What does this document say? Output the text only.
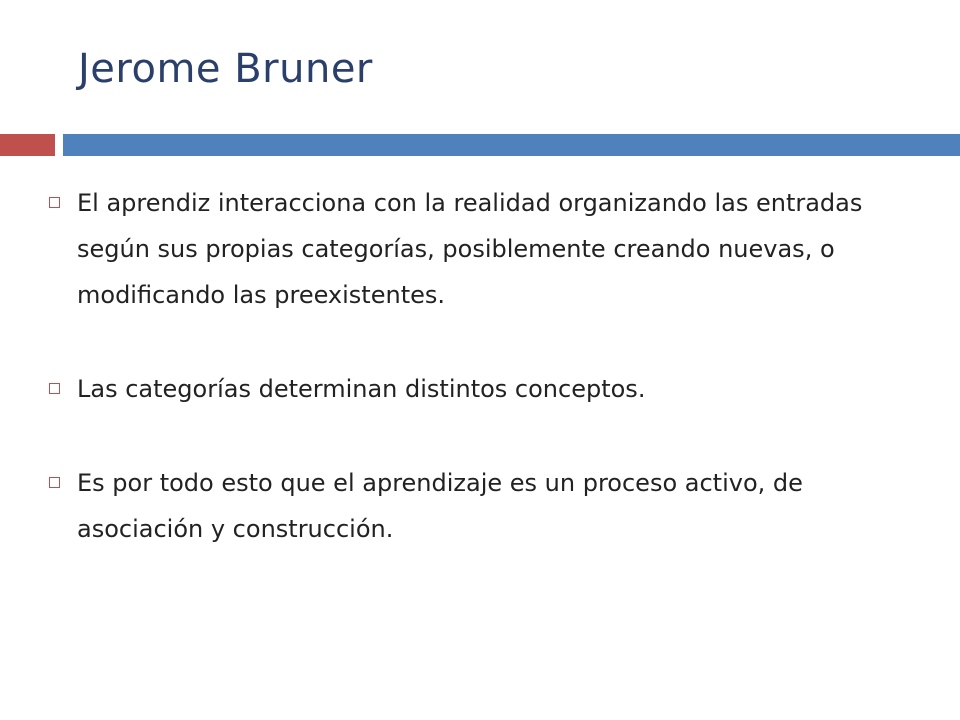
Jerome Bruner
El aprendiz interacciona con la realidad organizando las entradas según sus propias categorías, posiblemente creando nuevas, o modificando las preexistentes.
Las categorías determinan distintos conceptos.
Es por todo esto que el aprendizaje es un proceso activo, de asociación y construcción.
